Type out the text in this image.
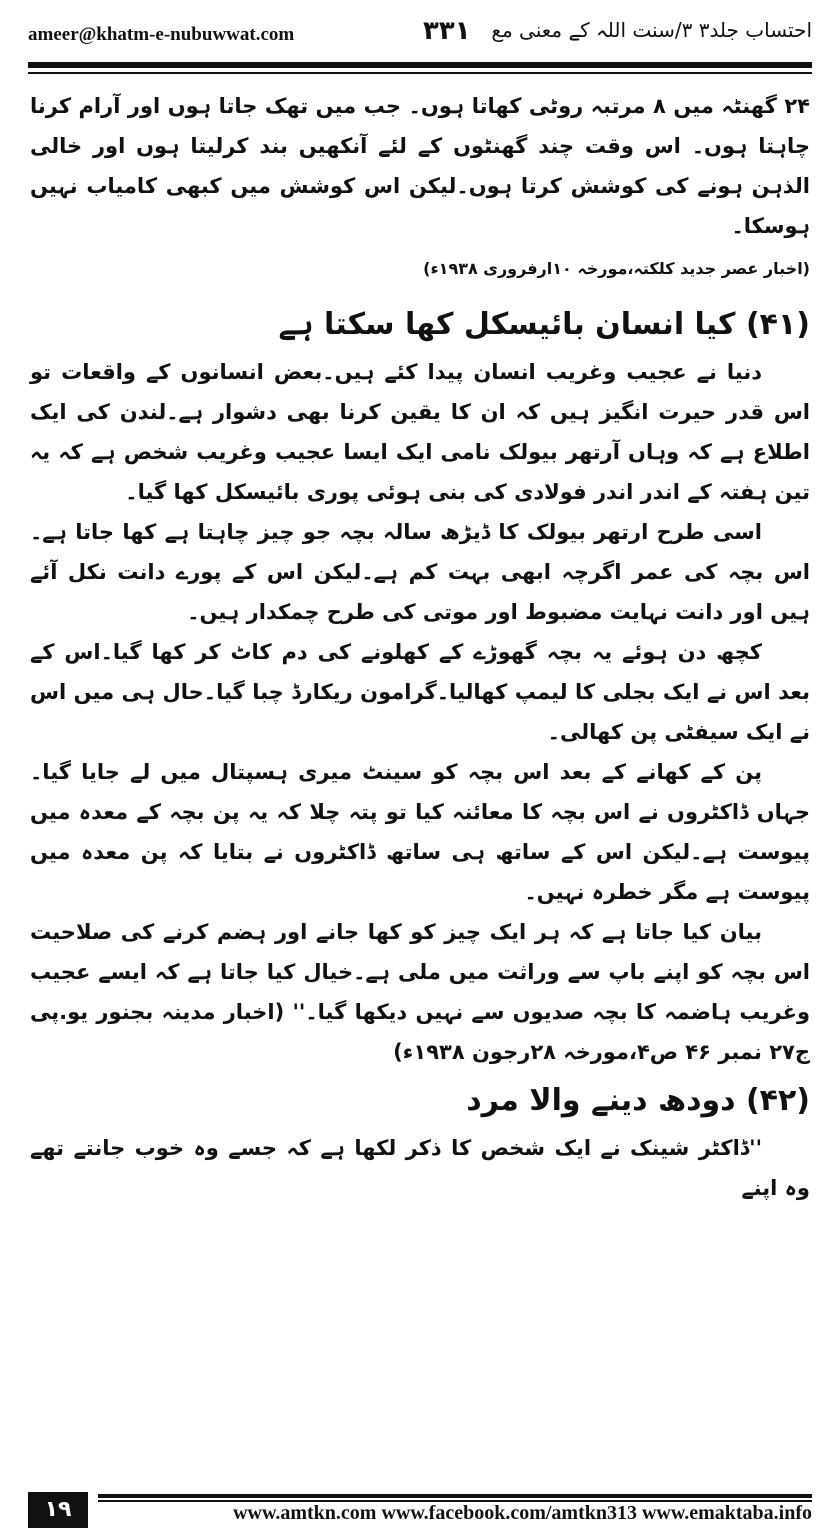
ameer@khatm-e-nubuwwat.com	۳۳۱ احتساب جلد۳ ۳/سنت اللہ کے معنی مع

۲۴ گھنٹہ میں ۸ مرتبہ روٹی کھاتا ہوں۔ جب میں تھک جاتا ہوں اور آرام کرنا چاہتا ہوں۔ اس وقت چند گھنٹوں کے لئے آنکھیں بند کرلیتا ہوں اور خالی الذہن ہونے کی کوشش کرتا ہوں۔لیکن اس کوشش میں کبھی کامیاب نہیں ہوسکا۔

(اخبار عصر جدید کلکتہ،مورخہ ۱۰ارفروری ۱۹۳۸ء)

(۴۱) کیا انسان بائیسکل کھا سکتا ہے

دنیا نے عجیب وغریب انسان پیدا کئے ہیں۔بعض انسانوں کے واقعات تو اس قدر حیرت انگیز ہیں کہ ان کا یقین کرنا بھی دشوار ہے۔لندن کی ایک اطلاع ہے کہ وہاں آرتھر بیولک نامی ایک ایسا عجیب وغریب شخص ہے کہ یہ تین ہفتہ کے اندر اندر فولادی کی بنی ہوئی پوری بائیسکل کھا گیا۔

اسی طرح ارتھر بیولک کا ڈیڑھ سالہ بچہ جو چیز چاہتا ہے کھا جاتا ہے۔اس بچہ کی عمر اگرچہ ابھی بہت کم ہے۔لیکن اس کے پورے دانت نکل آئے ہیں اور دانت نہایت مضبوط اور موتی کی طرح چمکدار ہیں۔

کچھ دن ہوئے یہ بچہ گھوڑے کے کھلونے کی دم کاٹ کر کھا گیا۔اس کے بعد اس نے ایک بجلی کا لیمپ کھالیا۔گرامون ریکارڈ چبا گیا۔حال ہی میں اس نے ایک سیفٹی پن کھالی۔

پن کے کھانے کے بعد اس بچہ کو سینٹ میری ہسپتال میں لے جایا گیا۔ جہاں ڈاکٹروں نے اس بچہ کا معائنہ کیا تو پتہ چلا کہ یہ پن بچہ کے معدہ میں پیوست ہے۔لیکن اس کے ساتھ ہی ساتھ ڈاکٹروں نے بتایا کہ پن معدہ میں پیوست ہے مگر خطرہ نہیں۔

بیان کیا جاتا ہے کہ ہر ایک چیز کو کھا جانے اور ہضم کرنے کی صلاحیت اس بچہ کو اپنے باپ سے وراثت میں ملی ہے۔خیال کیا جاتا ہے کہ ایسے عجیب وغریب ہاضمہ کا بچہ صدیوں سے نہیں دیکھا گیا۔'' (اخبار مدینہ بجنور یو.پی ج۲۷ نمبر ۴۶ ص۴،مورخہ ۲۸رجون ۱۹۳۸ء)

(۴۲) دودھ دینے والا مرد

''ڈاکٹر شینک نے ایک شخص کا ذکر لکھا ہے کہ جسے وہ خوب جانتے تھے وہ اپنے

۱۹	www.amtkn.com www.facebook.com/amtkn313 www.emaktaba.info
